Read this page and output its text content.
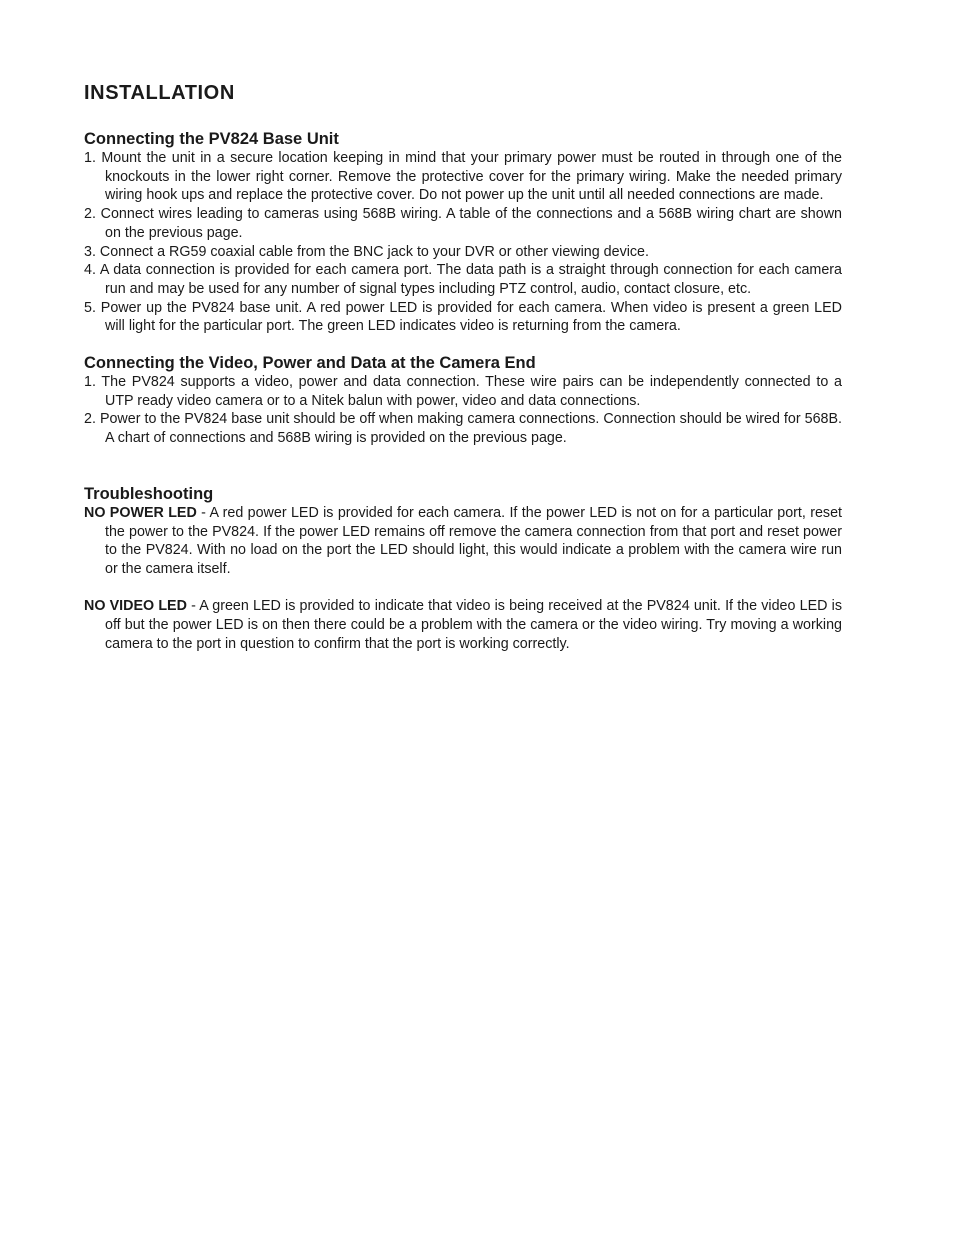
INSTALLATION
Connecting the PV824 Base Unit
1. Mount the unit in a secure location keeping in mind that your primary power must be routed in through one of the knockouts in the lower right corner. Remove the protective cover for the primary wiring. Make the needed primary wiring hook ups and replace the protective cover. Do not power up the unit until all needed connections are made.
2. Connect wires leading to cameras using 568B wiring. A table of the connections and a 568B wiring chart are shown on the previous page.
3. Connect a RG59 coaxial cable from the BNC jack to your DVR or other viewing device.
4. A data connection is provided for each camera port. The data path is a straight through connection for each camera run and may be used for any number of signal types including PTZ control, audio, contact closure, etc.
5. Power up the PV824 base unit. A red power LED is provided for each camera. When video is present a green LED will light for the particular port. The green LED indicates video is returning from the camera.
Connecting the Video, Power and Data at the Camera End
1. The PV824 supports a video, power and data connection. These wire pairs can be independently connected to a UTP ready video camera or to a Nitek balun with power, video and data connections.
2. Power to the PV824 base unit should be off when making camera connections. Connection should be wired for 568B. A chart of connections and 568B wiring is provided on the previous page.
Troubleshooting

NO POWER LED - A red power LED is provided for each camera. If the power LED is not on for a particular port, reset the power to the PV824. If the power LED remains off remove the camera connection from that port and reset power to the PV824. With no load on the port the LED should light, this would indicate a problem with the camera wire run or the camera itself.

NO VIDEO LED - A green LED is provided to indicate that video is being received at the PV824 unit. If the video LED is off but the power LED is on then there could be a problem with the camera or the video wiring. Try moving a working camera to the port in question to confirm that the port is working correctly.
